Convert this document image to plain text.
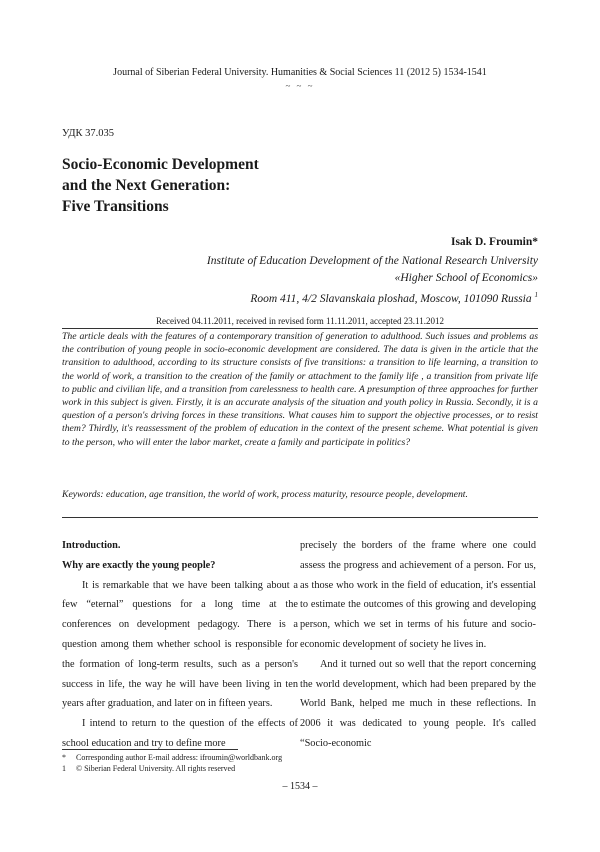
Journal of Siberian Federal University. Humanities & Social Sciences 11 (2012 5) 1534-1541
~ ~ ~
УДК 37.035
Socio-Economic Development
and the Next Generation:
Five Transitions
Isak D. Froumin*
Institute of Education Development of the National Research University
«Higher School of Economics»
Room 411, 4/2 Slavanskaia ploshad, Moscow, 101090 Russia $^1$
Received 04.11.2011, received in revised form 11.11.2011, accepted 23.11.2012
The article deals with the features of a contemporary transition of generation to adulthood. Such issues and problems as the contribution of young people in socio-economic development are considered. The data is given in the article that the transition to adulthood, according to its structure consists of five transitions: a transition to life learning, a transition to the world of work, a transition to the creation of the family or attachment to the family life , a transition from private life to public and civilian life, and a transition from carelessness to health care. A presumption of three approaches for further work in this subject is given. Firstly, it is an accurate analysis of the situation and youth policy in Russia. Secondly, it is a question of a person's driving forces in these transitions. What causes him to support the objective processes, or to resist them? Thirdly, it's reassessment of the problem of education in the context of the present scheme. What potential is given to the person, who will enter the labor market, create a family and participate in politics?
Keywords: education, age transition, the world of work, process maturity, resource people, development.

Introduction.

Why are exactly the young people?

It is remarkable that we have been talking about a few “eternal” questions for a long time at the conferences on development pedagogy. There is a question among them whether school is responsible for the formation of long-term results, such as a person's success in life, the way he will have been living in ten years after graduation, and later on in fifteen years.

I intend to return to the question of the effects of school education and try to define more

precisely the borders of the frame where one could assess the progress and achievement of a person. For us, as those who work in the field of education, it's essential to estimate the outcomes of this growing and developing person, which we set in terms of his future and socio-economic development of society he lives in.

And it turned out so well that the report concerning the world development, which had been prepared by the World Bank, helped me much in these reflections. In 2006 it was dedicated to young people. It's called “Socio-economic

* Corresponding author E-mail address: ifroumin@worldbank.org
1 © Siberian Federal University. All rights reserved
– 1534 –
